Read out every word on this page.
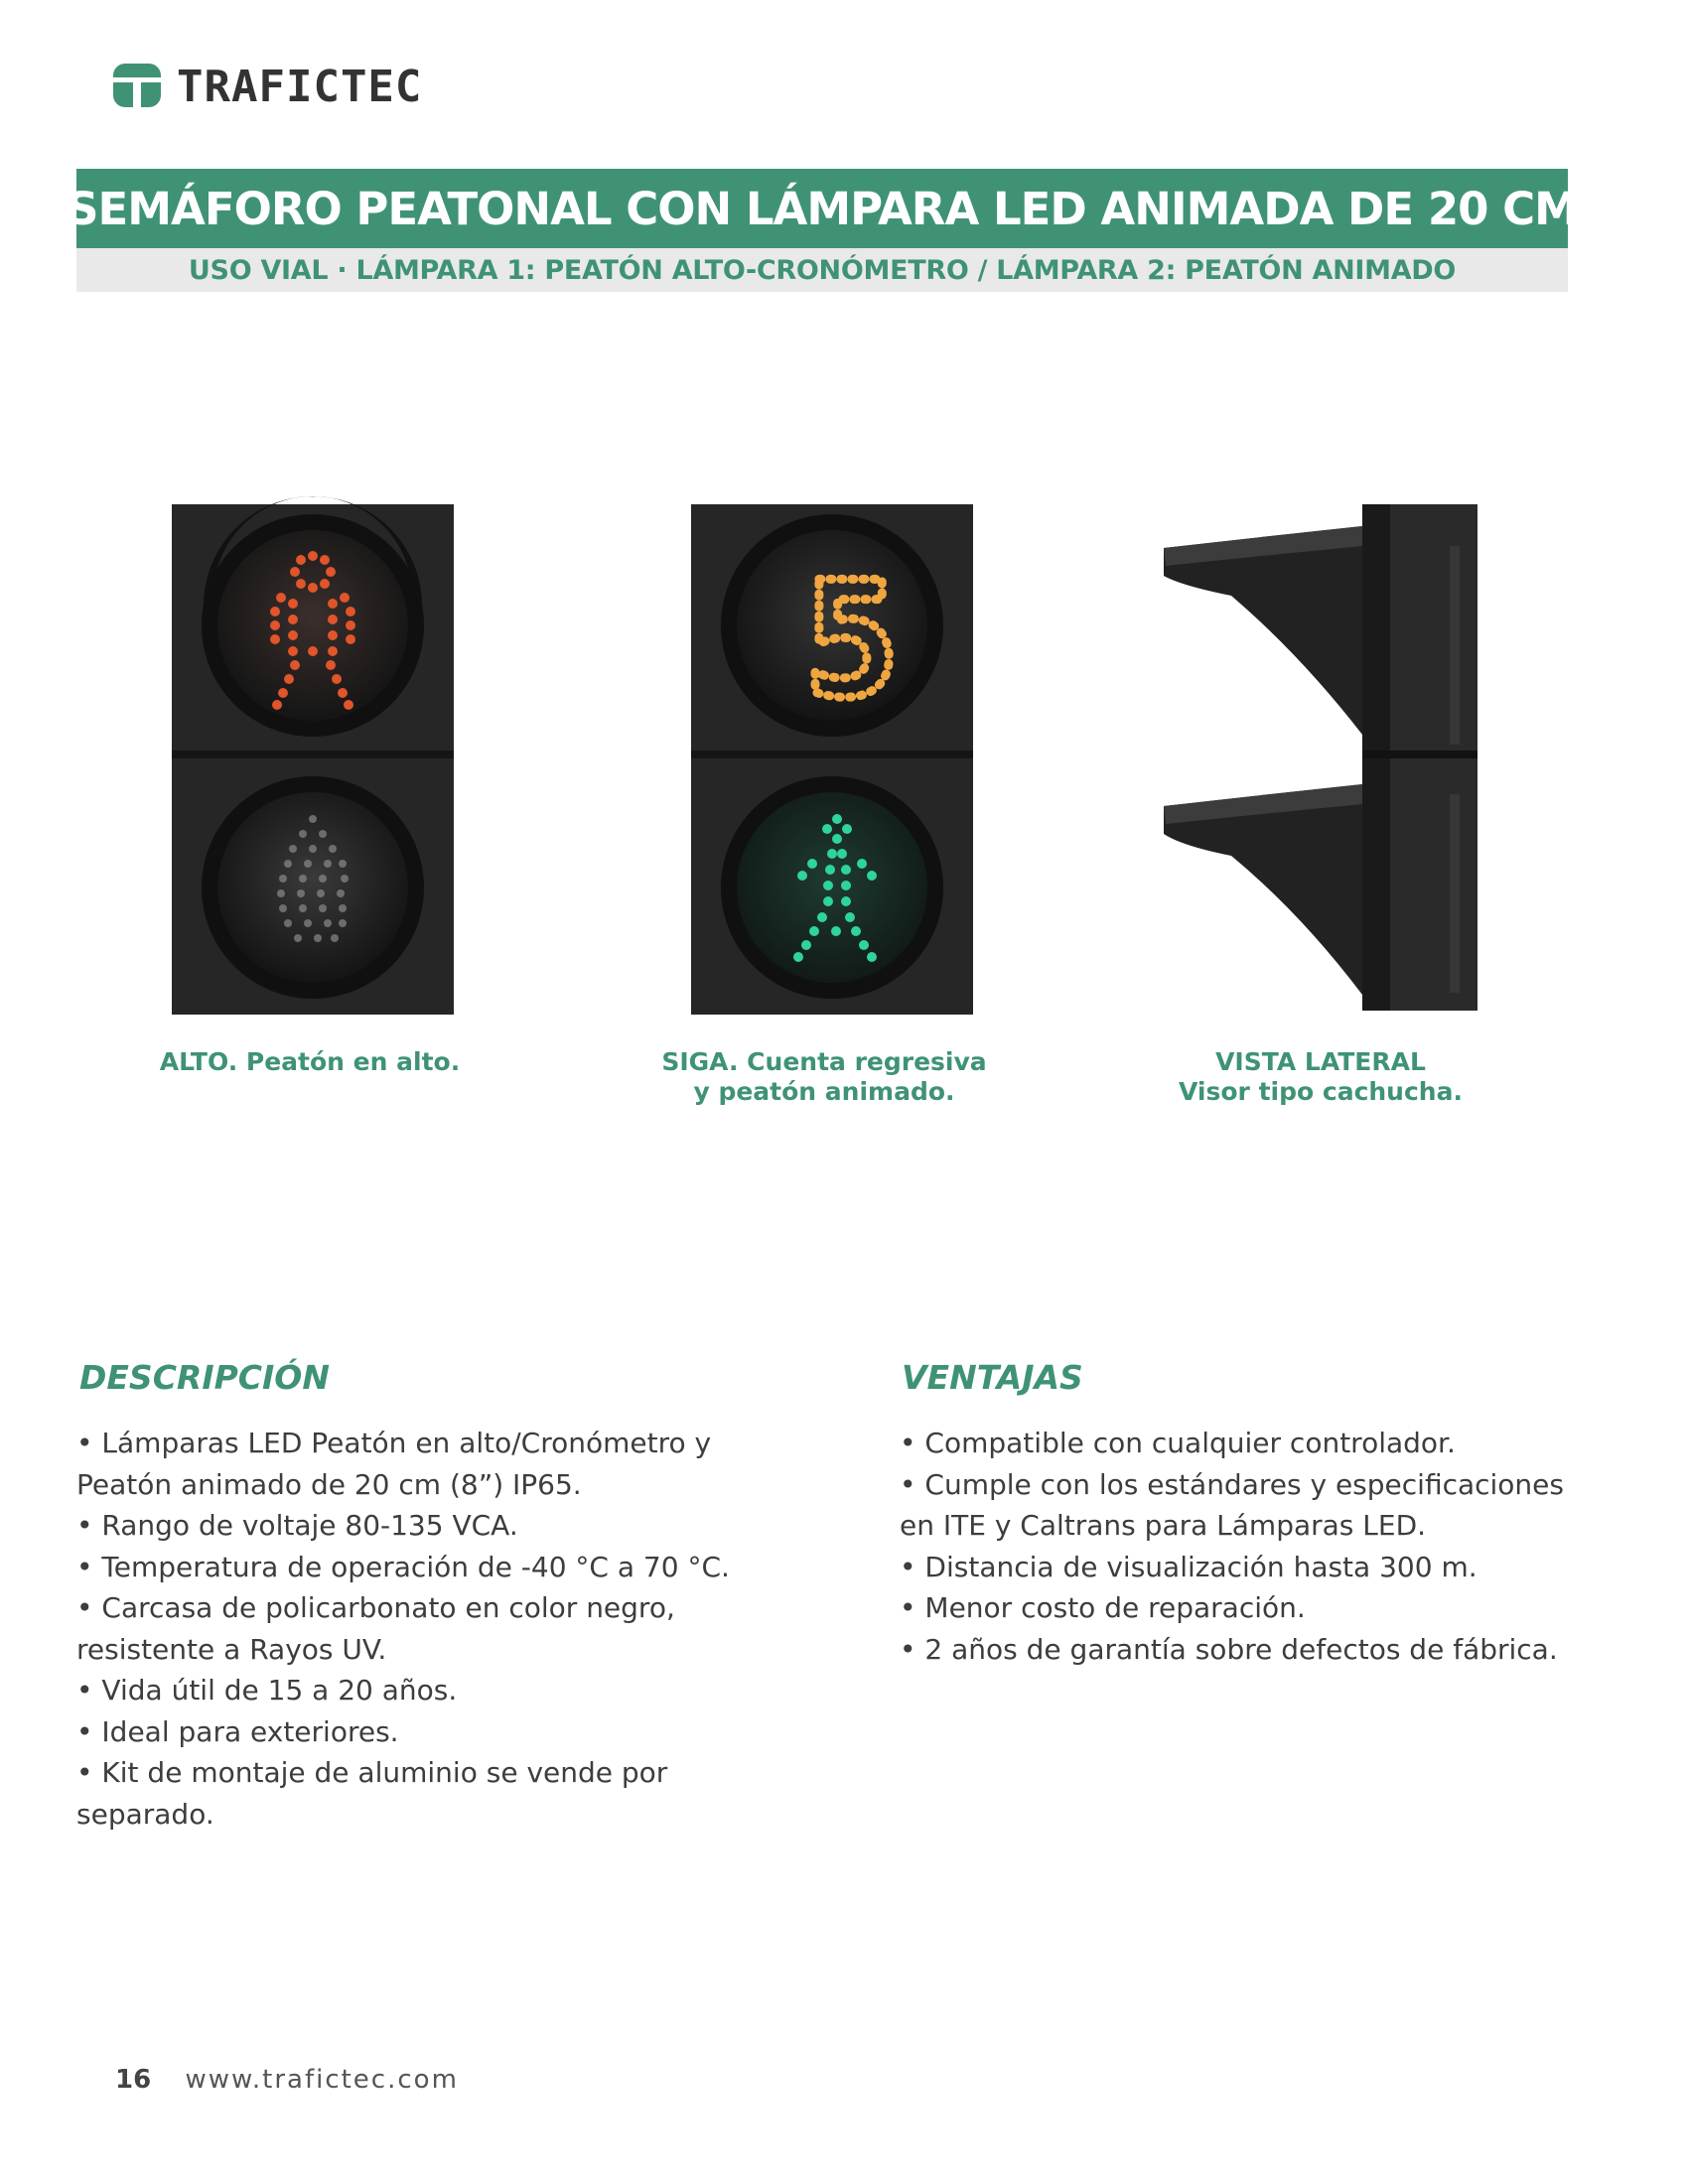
TRAFICTEC
SEMÁFORO PEATONAL CON LÁMPARA LED ANIMADA DE 20 CM
USO VIAL · LÁMPARA 1: PEATÓN ALTO-CRONÓMETRO / LÁMPARA 2: PEATÓN ANIMADO
5
ALTO. Peatón en alto.	SIGA. Cuenta regresiva
y peatón animado.
VISTA LATERAL
Visor tipo cachucha.
DESCRIPCIÓN
• Lámparas LED Peatón en alto/Cronómetro y
Peatón animado de 20 cm (8”) IP65.
• Rango de voltaje 80-135 VCA.
• Temperatura de operación de -40 °C a 70 °C.
• Carcasa de policarbonato en color negro,
resistente a Rayos UV.
• Vida útil de 15 a 20 años.
• Ideal para exteriores.
• Kit de montaje de aluminio se vende por
separado.
VENTAJAS
• Compatible con cualquier controlador.
• Cumple con los estándares y especificaciones
en ITE y Caltrans para Lámparas LED.
• Distancia de visualización hasta 300 m.
• Menor costo de reparación.
• 2 años de garantía sobre defectos de fábrica.
16 www.trafictec.com
